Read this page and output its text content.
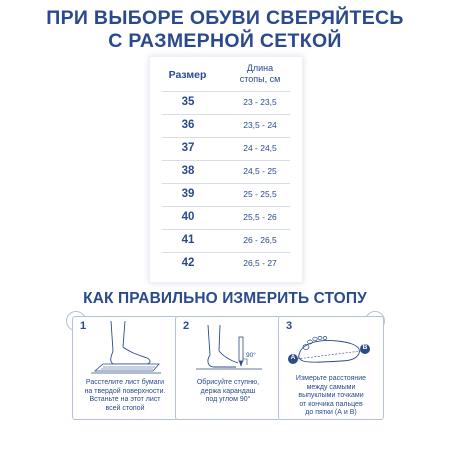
ПРИ ВЫБОРЕ ОБУВИ СВЕРЯЙТЕСЬ
С РАЗМЕРНОЙ СЕТКОЙ
Размер
Длина
стопы, см
35	23 - 23,5
36	23,5 - 24
37	24 - 24,5
38	24,5 - 25
39	25 - 25,5
40	25,5 - 26
41	26 - 26,5
42	26,5 - 27
КАК ПРАВИЛЬНО ИЗМЕРИТЬ СТОПУ
1
Расстелите лист бумаги
на твердой поверхности.
Встаньте на этот лист
всей стопой
2
90°
Обрисуйте ступню,
держа карандаш
под углом 90°
3
A
B
Измерьте расстояние
между самыми
выпуклыми точками
от кончика пальцев
до пятки (А и В)
